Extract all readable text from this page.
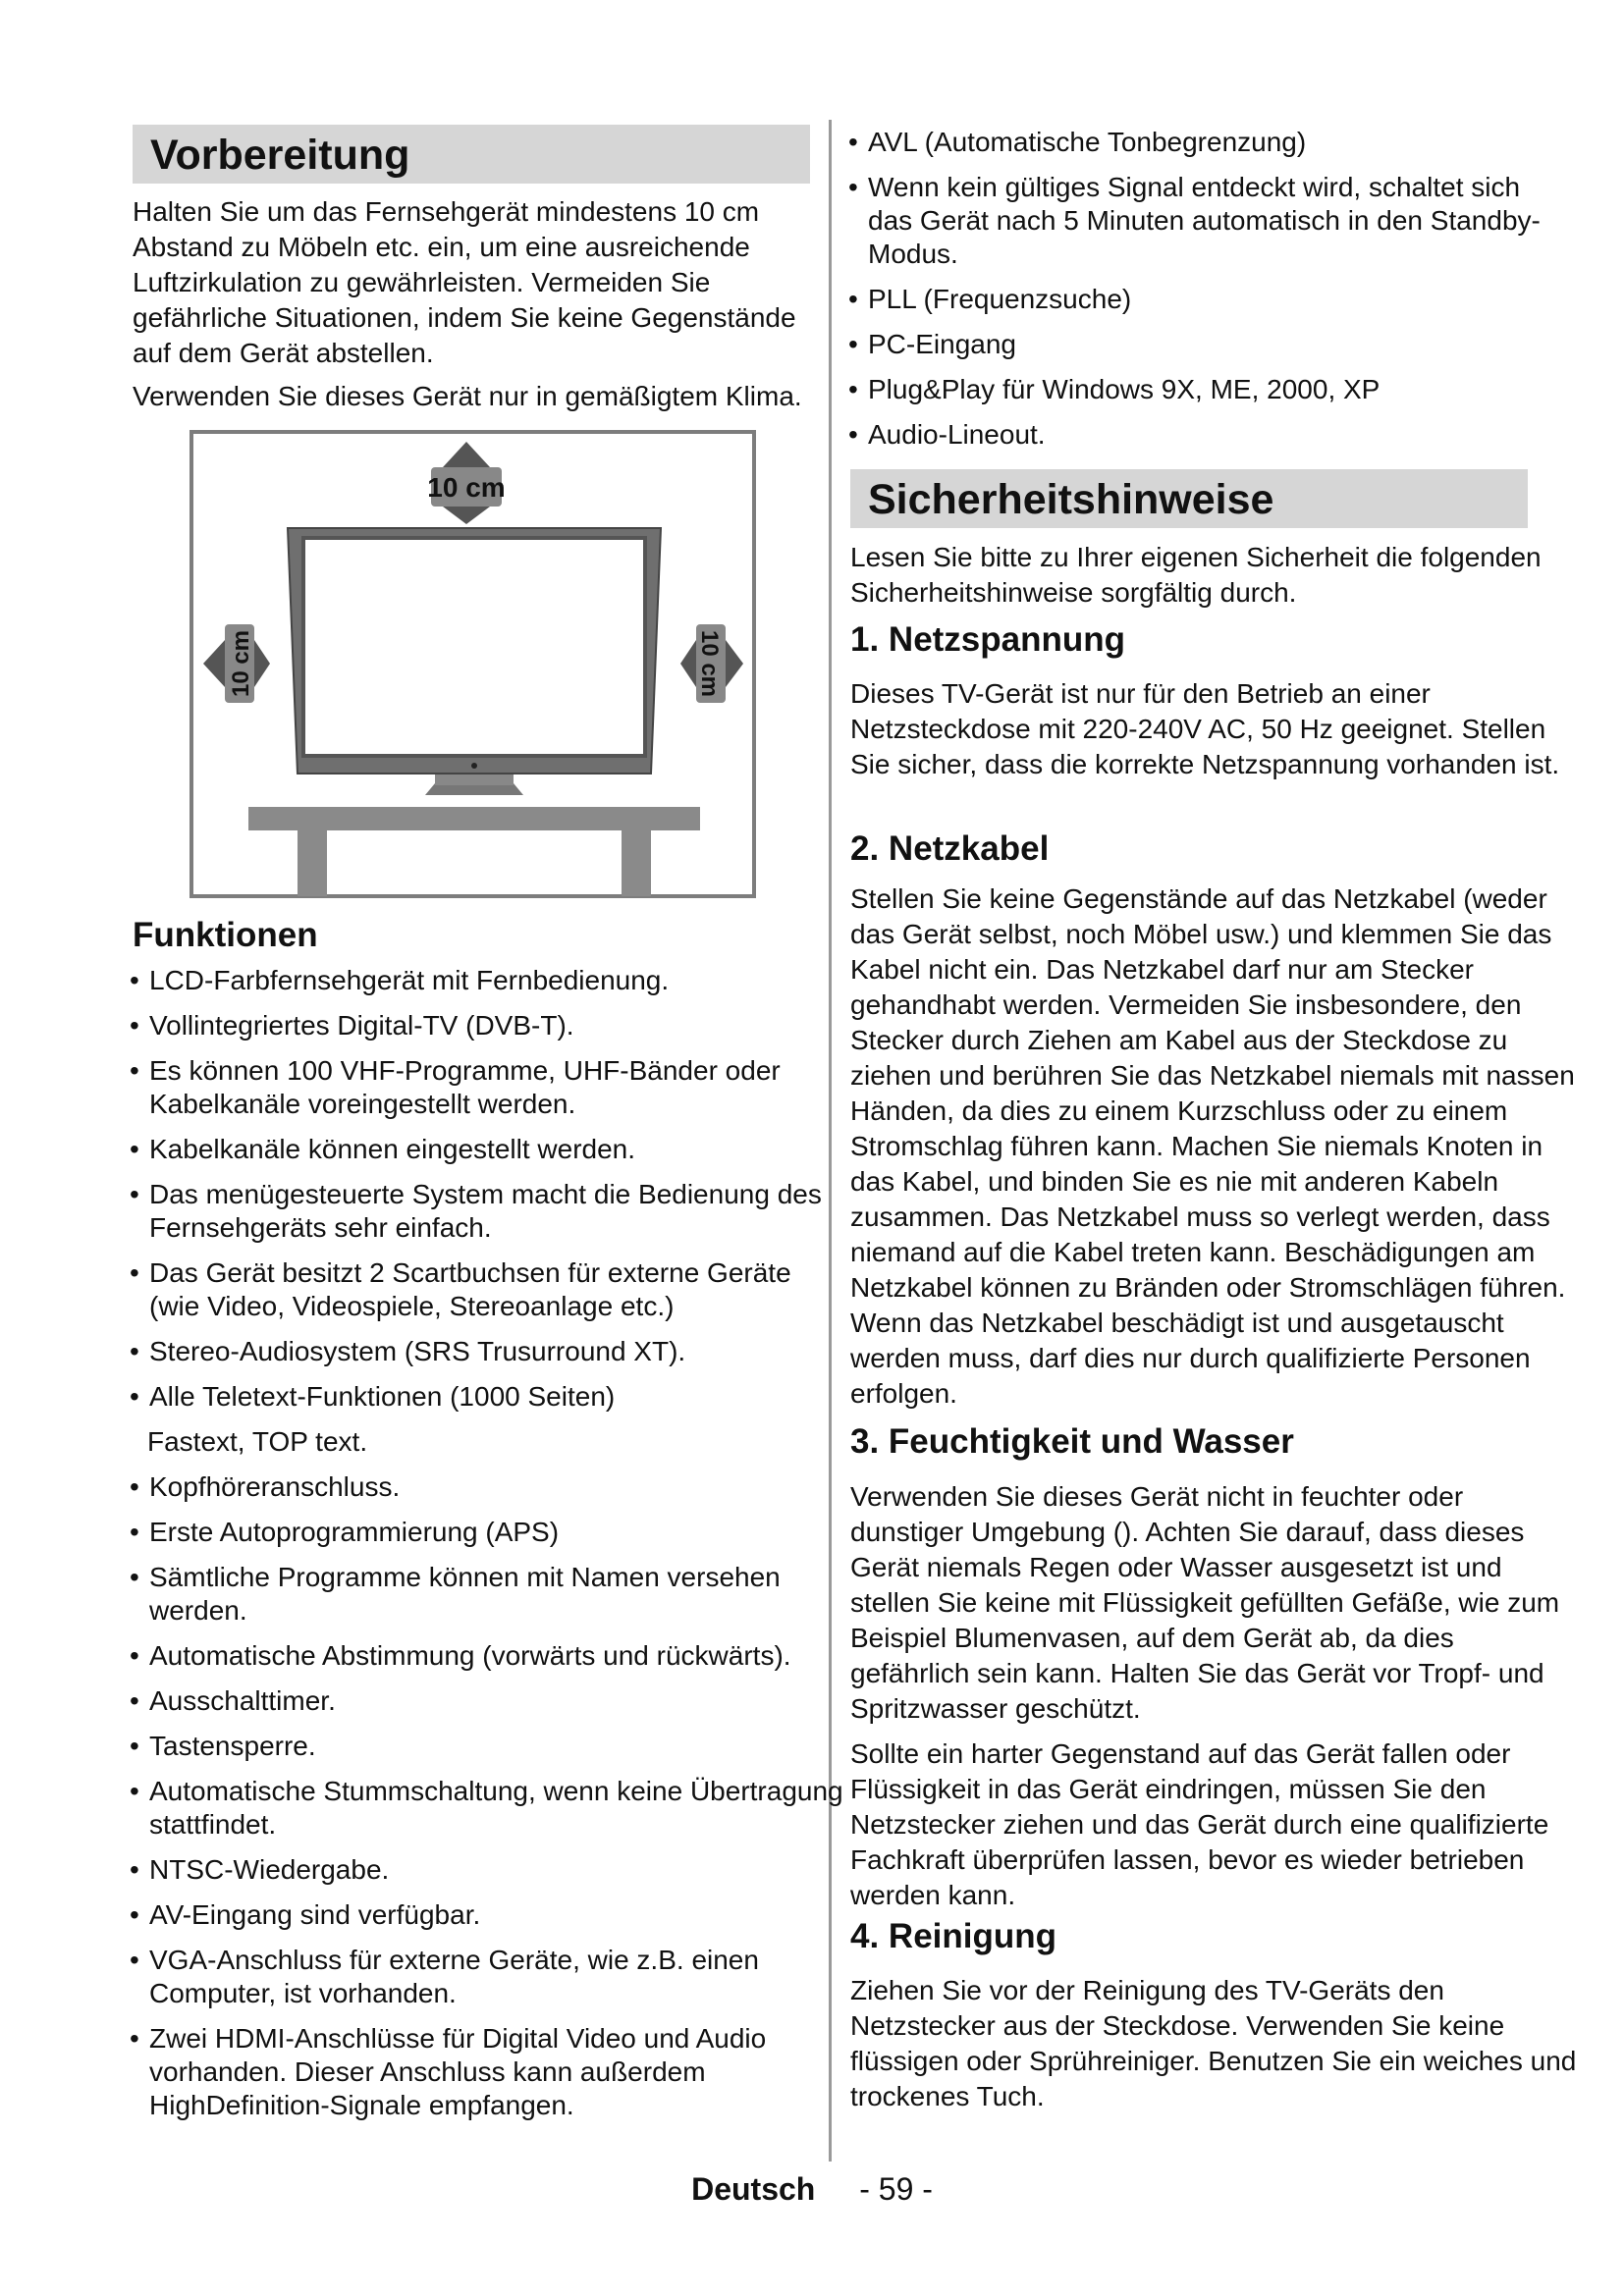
Vorbereitung

Halten Sie um das Fernsehgerät mindestens 10 cm Abstand zu Möbeln etc. ein, um eine ausreichende Luftzirkulation zu gewährleisten. Vermeiden Sie gefährliche Situationen, indem Sie keine Gegenstände auf dem Gerät abstellen.

Verwenden Sie dieses Gerät nur in gemäßigtem Klima.

10 cm
10 cm	10 cm
Funktionen
• LCD-Farbfernsehgerät mit Fernbedienung.
• Vollintegriertes Digital-TV (DVB-T).
• Es können 100 VHF-Programme, UHF-Bänder oder Kabelkanäle voreingestellt werden.
• Kabelkanäle können eingestellt werden.
• Das menügesteuerte System macht die Bedienung des Fernsehgeräts sehr einfach.
• Das Gerät besitzt 2 Scartbuchsen für externe Geräte (wie Video, Videospiele, Stereoanlage etc.)
• Stereo-Audiosystem (SRS Trusurround XT).
• Alle Teletext-Funktionen (1000 Seiten)
Fastext, TOP text.
• Kopfhöreranschluss.
• Erste Autoprogrammierung (APS)
• Sämtliche Programme können mit Namen versehen werden.
• Automatische Abstimmung (vorwärts und rückwärts).
• Ausschalttimer.
• Tastensperre.
• Automatische Stummschaltung, wenn keine Übertragung stattfindet.
• NTSC-Wiedergabe.
• AV-Eingang sind verfügbar.
• VGA-Anschluss für externe Geräte, wie z.B. einen Computer, ist vorhanden.
• Zwei HDMI-Anschlüsse für Digital Video und Audio vorhanden. Dieser Anschluss kann außerdem HighDefinition-Signale empfangen.
• AVL (Automatische Tonbegrenzung)
• Wenn kein gültiges Signal entdeckt wird, schaltet sich das Gerät nach 5 Minuten automatisch in den Standby-Modus.
• PLL (Frequenzsuche)
• PC-Eingang
• Plug&Play für Windows 9X, ME, 2000, XP
• Audio-Lineout.
Sicherheitshinweise

Lesen Sie bitte zu Ihrer eigenen Sicherheit die folgenden Sicherheitshinweise sorgfältig durch.

1. Netzspannung

Dieses TV-Gerät ist nur für den Betrieb an einer Netzsteckdose mit 220-240V AC, 50 Hz geeignet. Stellen Sie sicher, dass die korrekte Netzspannung vorhanden ist.

2. Netzkabel

Stellen Sie keine Gegenstände auf das Netzkabel (weder das Gerät selbst, noch Möbel usw.) und klemmen Sie das Kabel nicht ein. Das Netzkabel darf nur am Stecker gehandhabt werden. Vermeiden Sie insbesondere, den Stecker durch Ziehen am Kabel aus der Steckdose zu ziehen und berühren Sie das Netzkabel niemals mit nassen Händen, da dies zu einem Kurzschluss oder zu einem Stromschlag führen kann. Machen Sie niemals Knoten in das Kabel, und binden Sie es nie mit anderen Kabeln zusammen. Das Netzkabel muss so verlegt werden, dass niemand auf die Kabel treten kann. Beschädigungen am Netzkabel können zu Bränden oder Stromschlägen führen. Wenn das Netzkabel beschädigt ist und ausgetauscht werden muss, darf dies nur durch qualifizierte Personen erfolgen.

3. Feuchtigkeit und Wasser

Verwenden Sie dieses Gerät nicht in feuchter oder dunstiger Umgebung (). Achten Sie darauf, dass dieses Gerät niemals Regen oder Wasser ausgesetzt ist und stellen Sie keine mit Flüssigkeit gefüllten Gefäße, wie zum Beispiel Blumenvasen, auf dem Gerät ab, da dies gefährlich sein kann. Halten Sie das Gerät vor Tropf- und Spritzwasser geschützt.

Sollte ein harter Gegenstand auf das Gerät fallen oder Flüssigkeit in das Gerät eindringen, müssen Sie den Netzstecker ziehen und das Gerät durch eine qualifizierte Fachkraft überprüfen lassen, bevor es wieder betrieben werden kann.

4. Reinigung

Ziehen Sie vor der Reinigung des TV-Geräts den Netzstecker aus der Steckdose. Verwenden Sie keine flüssigen oder Sprühreiniger. Benutzen Sie ein weiches und trockenes Tuch.

Deutsch - 59 -
